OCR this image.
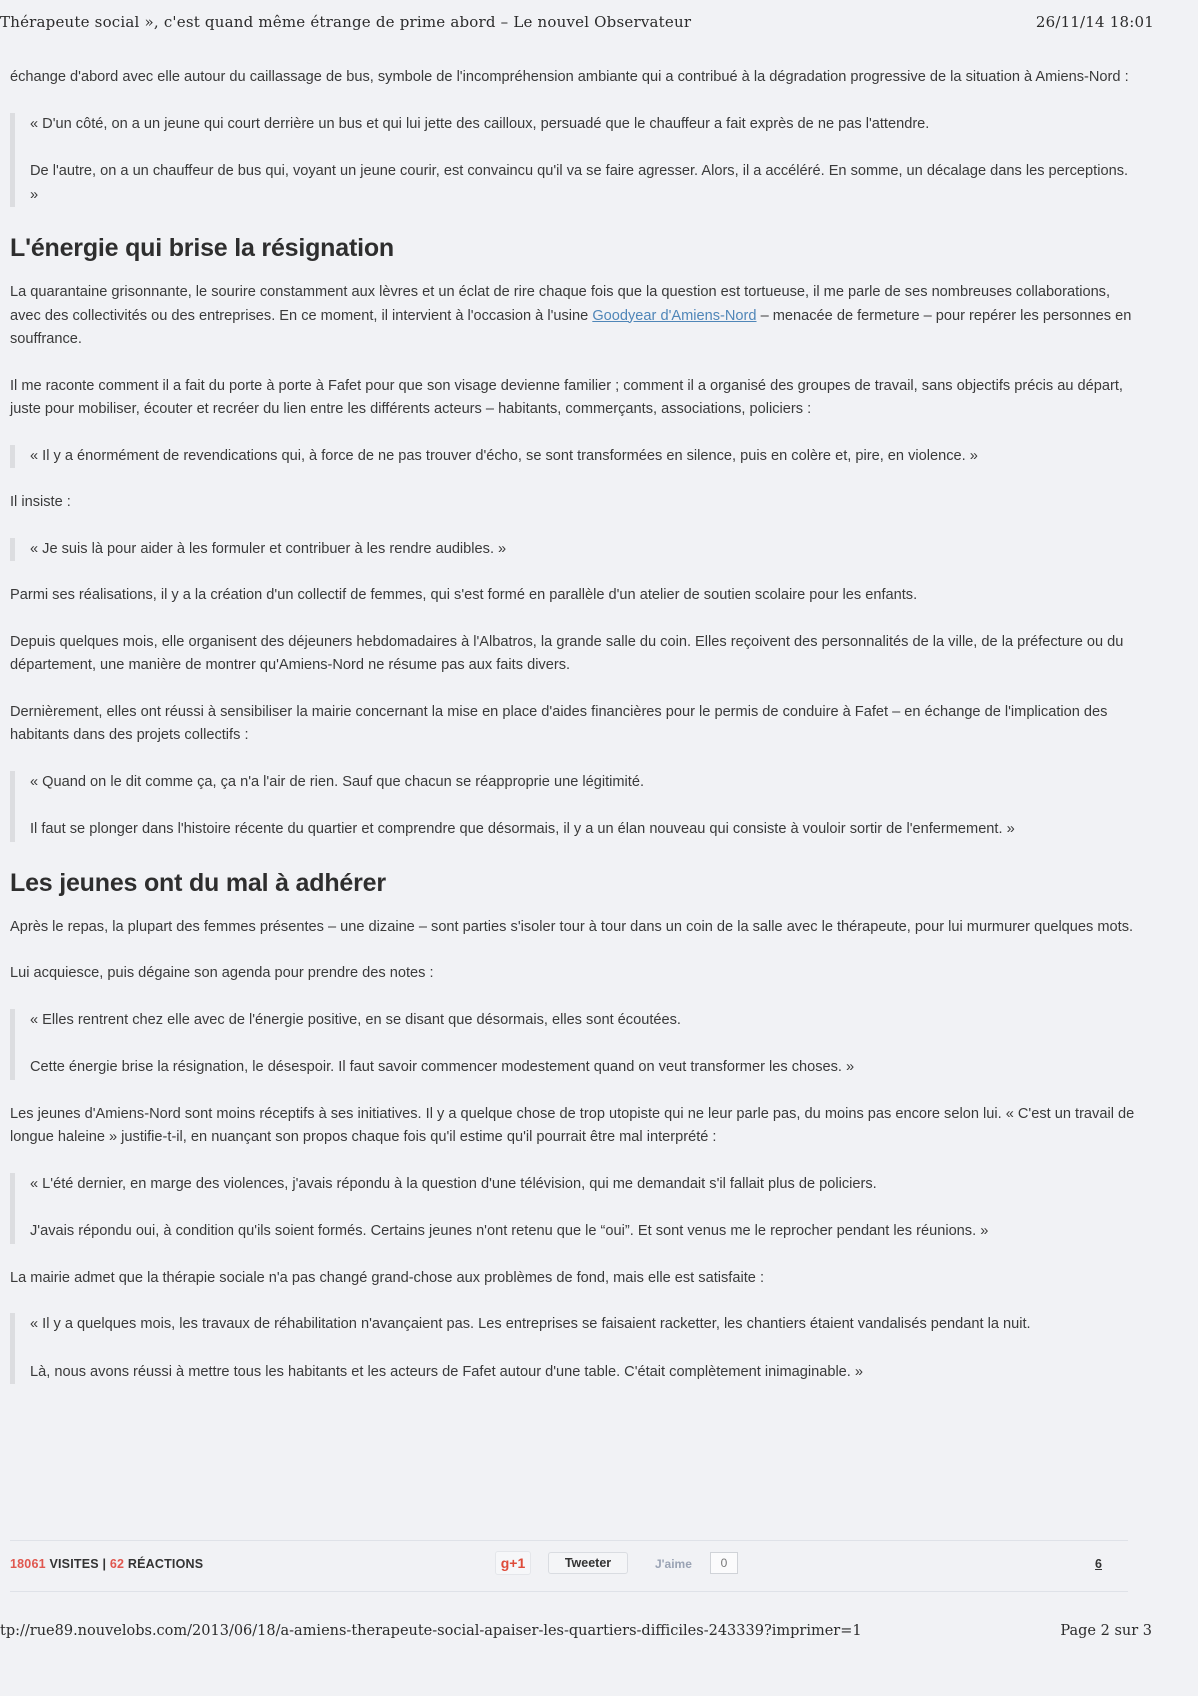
Thérapeute social », c'est quand même étrange de prime abord – Le nouvel Observateur	26/11/14 18:01

échange d'abord avec elle autour du caillassage de bus, symbole de l'incompréhension ambiante qui a contribué à la dégradation progressive de la situation à Amiens-Nord :

« D'un côté, on a un jeune qui court derrière un bus et qui lui jette des cailloux, persuadé que le chauffeur a fait exprès de ne pas l'attendre.

De l'autre, on a un chauffeur de bus qui, voyant un jeune courir, est convaincu qu'il va se faire agresser. Alors, il a accéléré. En somme, un décalage dans les perceptions. »

L'énergie qui brise la résignation

La quarantaine grisonnante, le sourire constamment aux lèvres et un éclat de rire chaque fois que la question est tortueuse, il me parle de ses nombreuses collaborations, avec des collectivités ou des entreprises. En ce moment, il intervient à l'occasion à l'usine Goodyear d'Amiens-Nord – menacée de fermeture – pour repérer les personnes en souffrance.

Il me raconte comment il a fait du porte à porte à Fafet pour que son visage devienne familier ; comment il a organisé des groupes de travail, sans objectifs précis au départ, juste pour mobiliser, écouter et recréer du lien entre les différents acteurs – habitants, commerçants, associations, policiers :

« Il y a énormément de revendications qui, à force de ne pas trouver d'écho, se sont transformées en silence, puis en colère et, pire, en violence. »

Il insiste :

« Je suis là pour aider à les formuler et contribuer à les rendre audibles. »

Parmi ses réalisations, il y a la création d'un collectif de femmes, qui s'est formé en parallèle d'un atelier de soutien scolaire pour les enfants.

Depuis quelques mois, elle organisent des déjeuners hebdomadaires à l'Albatros, la grande salle du coin. Elles reçoivent des personnalités de la ville, de la préfecture ou du département, une manière de montrer qu'Amiens-Nord ne résume pas aux faits divers.

Dernièrement, elles ont réussi à sensibiliser la mairie concernant la mise en place d'aides financières pour le permis de conduire à Fafet – en échange de l'implication des habitants dans des projets collectifs :

« Quand on le dit comme ça, ça n'a l'air de rien. Sauf que chacun se réapproprie une légitimité.

Il faut se plonger dans l'histoire récente du quartier et comprendre que désormais, il y a un élan nouveau qui consiste à vouloir sortir de l'enfermement. »

Les jeunes ont du mal à adhérer

Après le repas, la plupart des femmes présentes – une dizaine – sont parties s'isoler tour à tour dans un coin de la salle avec le thérapeute, pour lui murmurer quelques mots.

Lui acquiesce, puis dégaine son agenda pour prendre des notes :

« Elles rentrent chez elle avec de l'énergie positive, en se disant que désormais, elles sont écoutées.

Cette énergie brise la résignation, le désespoir. Il faut savoir commencer modestement quand on veut transformer les choses. »

Les jeunes d'Amiens-Nord sont moins réceptifs à ses initiatives. Il y a quelque chose de trop utopiste qui ne leur parle pas, du moins pas encore selon lui. « C'est un travail de longue haleine » justifie-t-il, en nuançant son propos chaque fois qu'il estime qu'il pourrait être mal interprété :

« L'été dernier, en marge des violences, j'avais répondu à la question d'une télévision, qui me demandait s'il fallait plus de policiers.

J'avais répondu oui, à condition qu'ils soient formés. Certains jeunes n'ont retenu que le “oui”. Et sont venus me le reprocher pendant les réunions. »

La mairie admet que la thérapie sociale n'a pas changé grand-chose aux problèmes de fond, mais elle est satisfaite :

« Il y a quelques mois, les travaux de réhabilitation n'avançaient pas. Les entreprises se faisaient racketter, les chantiers étaient vandalisés pendant la nuit.

Là, nous avons réussi à mettre tous les habitants et les acteurs de Fafet autour d'une table. C'était complètement inimaginable. »

18061 VISITES | 62 RÉACTIONS	g+1	Tweeter	J'aime	0	6
tp://rue89.nouvelobs.com/2013/06/18/a-amiens-therapeute-social-apaiser-les-quartiers-difficiles-243339?imprimer=1	Page 2 sur 3
